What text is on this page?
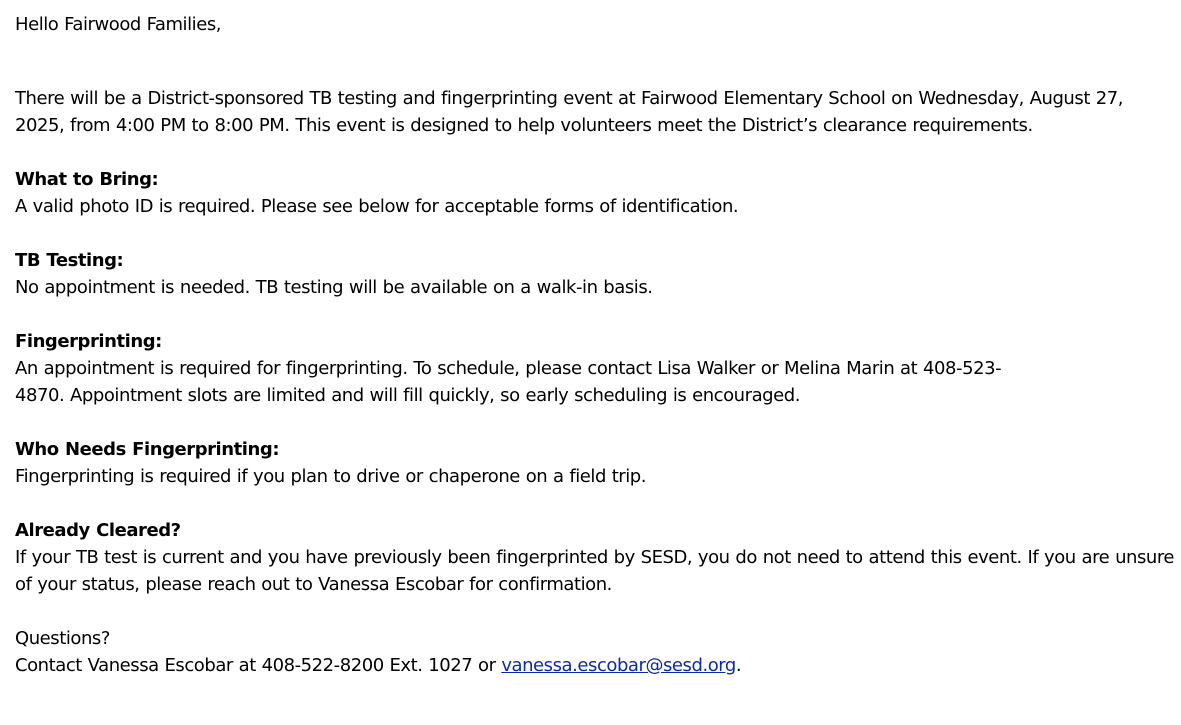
Hello Fairwood Families,

There will be a District-sponsored TB testing and fingerprinting event at Fairwood Elementary School on Wednesday, August 27, 2025, from 4:00 PM to 8:00 PM. This event is designed to help volunteers meet the District’s clearance requirements.

What to Bring:

A valid photo ID is required. Please see below for acceptable forms of identification.

TB Testing:

No appointment is needed. TB testing will be available on a walk-in basis.

Fingerprinting:

An appointment is required for fingerprinting. To schedule, please contact Lisa Walker or Melina Marin at 408-523-

4870. Appointment slots are limited and will fill quickly, so early scheduling is encouraged.

Who Needs Fingerprinting:

Fingerprinting is required if you plan to drive or chaperone on a field trip.

Already Cleared?

If your TB test is current and you have previously been fingerprinted by SESD, you do not need to attend this event. If you are unsure of your status, please reach out to Vanessa Escobar for confirmation.

Questions?

Contact Vanessa Escobar at 408-522-8200 Ext. 1027 or vanessa.escobar@sesd.org.
